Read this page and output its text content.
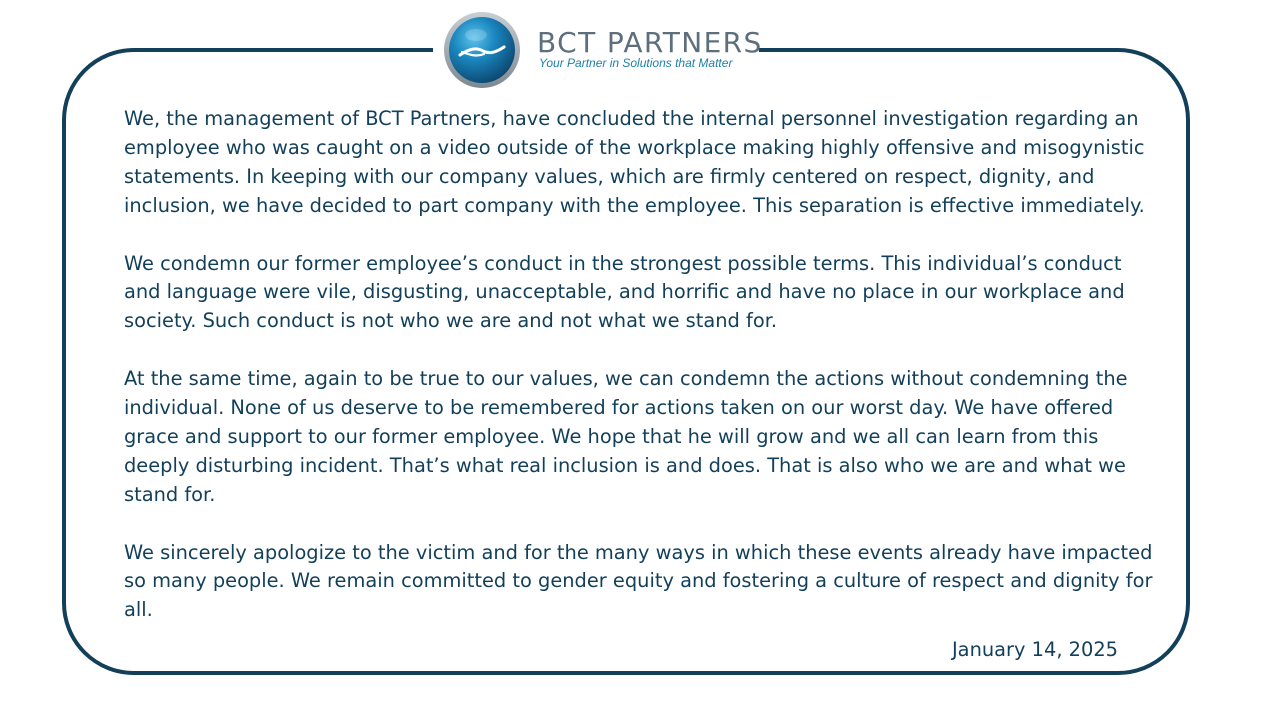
BCT PARTNERS
Your Partner in Solutions that Matter

We, the management of BCT Partners, have concluded the internal personnel investigation regarding an employee who was caught on a video outside of the workplace making highly offensive and misogynistic statements. In keeping with our company values, which are firmly centered on respect, dignity, and inclusion, we have decided to part company with the employee. This separation is effective immediately.

We condemn our former employee’s conduct in the strongest possible terms. This individual’s conduct and language were vile, disgusting, unacceptable, and horrific and have no place in our workplace and society. Such conduct is not who we are and not what we stand for.

At the same time, again to be true to our values, we can condemn the actions without condemning the individual. None of us deserve to be remembered for actions taken on our worst day. We have offered grace and support to our former employee. We hope that he will grow and we all can learn from this deeply disturbing incident. That’s what real inclusion is and does. That is also who we are and what we stand for.

We sincerely apologize to the victim and for the many ways in which these events already have impacted so many people. We remain committed to gender equity and fostering a culture of respect and dignity for all.

January 14, 2025
